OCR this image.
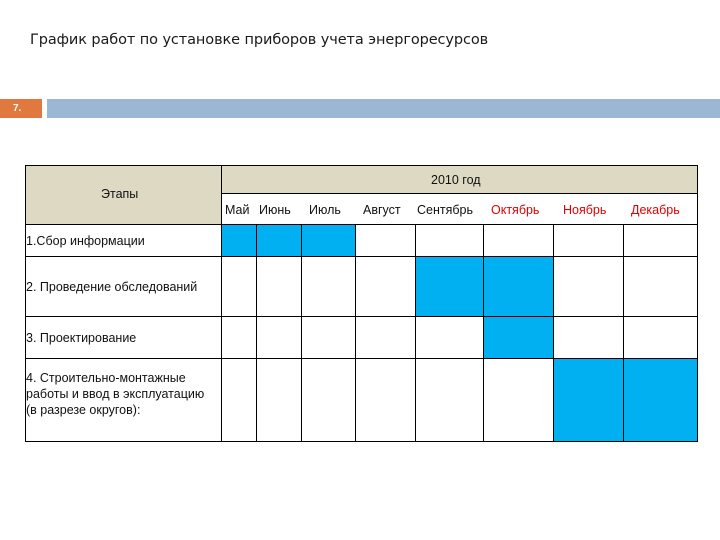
График работ по установке приборов учета энергоресурсов
7.
Этапы
2010 год
Май Июнь Июль Август Сентябрь Октябрь Ноябрь Декабрь
1.Сбор информации
2. Проведение обследований
3. Проектирование
4. Строительно-монтажные работы и ввод в эксплуатацию (в разрезе округов):
